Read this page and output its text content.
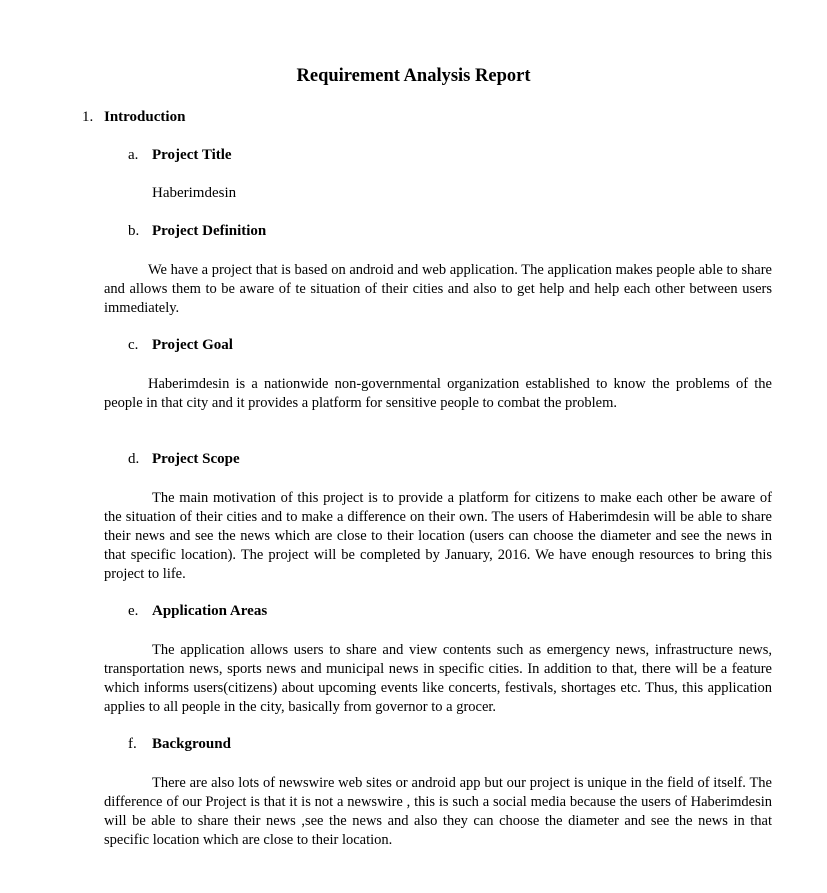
Requirement Analysis Report
1. Introduction
a. Project Title
Haberimdesin
b. Project Definition
We have a project that is based on android and web application. The application makes people able to share and allows them to be aware of te situation of their cities and also to get help and help each other between users immediately.
c. Project Goal
Haberimdesin is a nationwide non-governmental organization established to know the problems of the people in that city and it provides a platform for sensitive people to combat the problem.
d. Project Scope
The main motivation of this project is to provide a platform for citizens to make each other be aware of the situation of their cities and to make a difference on their own. The users of Haberimdesin will be able to share their news and see the news which are close to their location (users can choose the diameter and see the news in that specific location). The project will be completed by January, 2016. We have enough resources to bring this project to life.
e. Application Areas
The application allows users to share and view contents such as emergency news, infrastructure news, transportation news, sports news and municipal news in specific cities. In addition to that, there will be a feature which informs users(citizens) about upcoming events like concerts, festivals, shortages etc. Thus, this application applies to all people in the city, basically from governor to a grocer.
f. Background
There are also lots of newswire web sites or android app but our project is unique in the field of itself. The difference of our Project is that it is not a newswire , this is such a social media because the users of Haberimdesin will be able to share their news ,see the news and also they can choose the diameter and see the news in that specific location which are close to their location.
